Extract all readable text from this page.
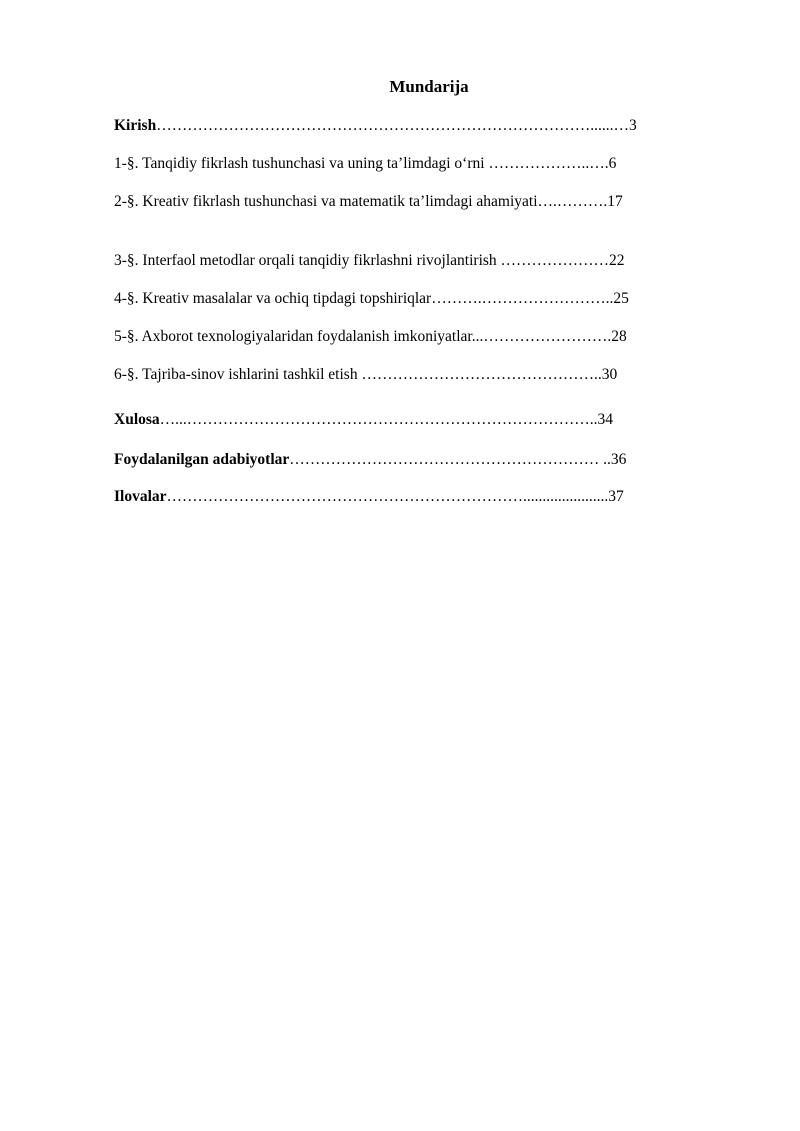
Mundarija
Kirish…………………………………………………………………………......…3
1-§. Tanqidiy fikrlash tushunchasi va uning ta’limdagi o‘rni ………………..….6
2-§. Kreativ fikrlash tushunchasi va matematik ta’limdagi ahamiyati….……….17
3-§. Interfaol metodlar orqali tanqidiy fikrlashni rivojlantirish …………………22
4-§. Kreativ masalalar va ochiq tipdagi topshiriqlar……….……………………..25
5-§. Axborot texnologiyalaridan foydalanish imkoniyatlar...…………………….28
6-§. Tajriba-sinov ishlarini tashkil etish ………………………………………..30
Xulosa…...……………………………………………………………………..34
Foydalanilgan adabiyotlar…………………………………………………… ..36
Ilovalar……………………………………………………………......................37
